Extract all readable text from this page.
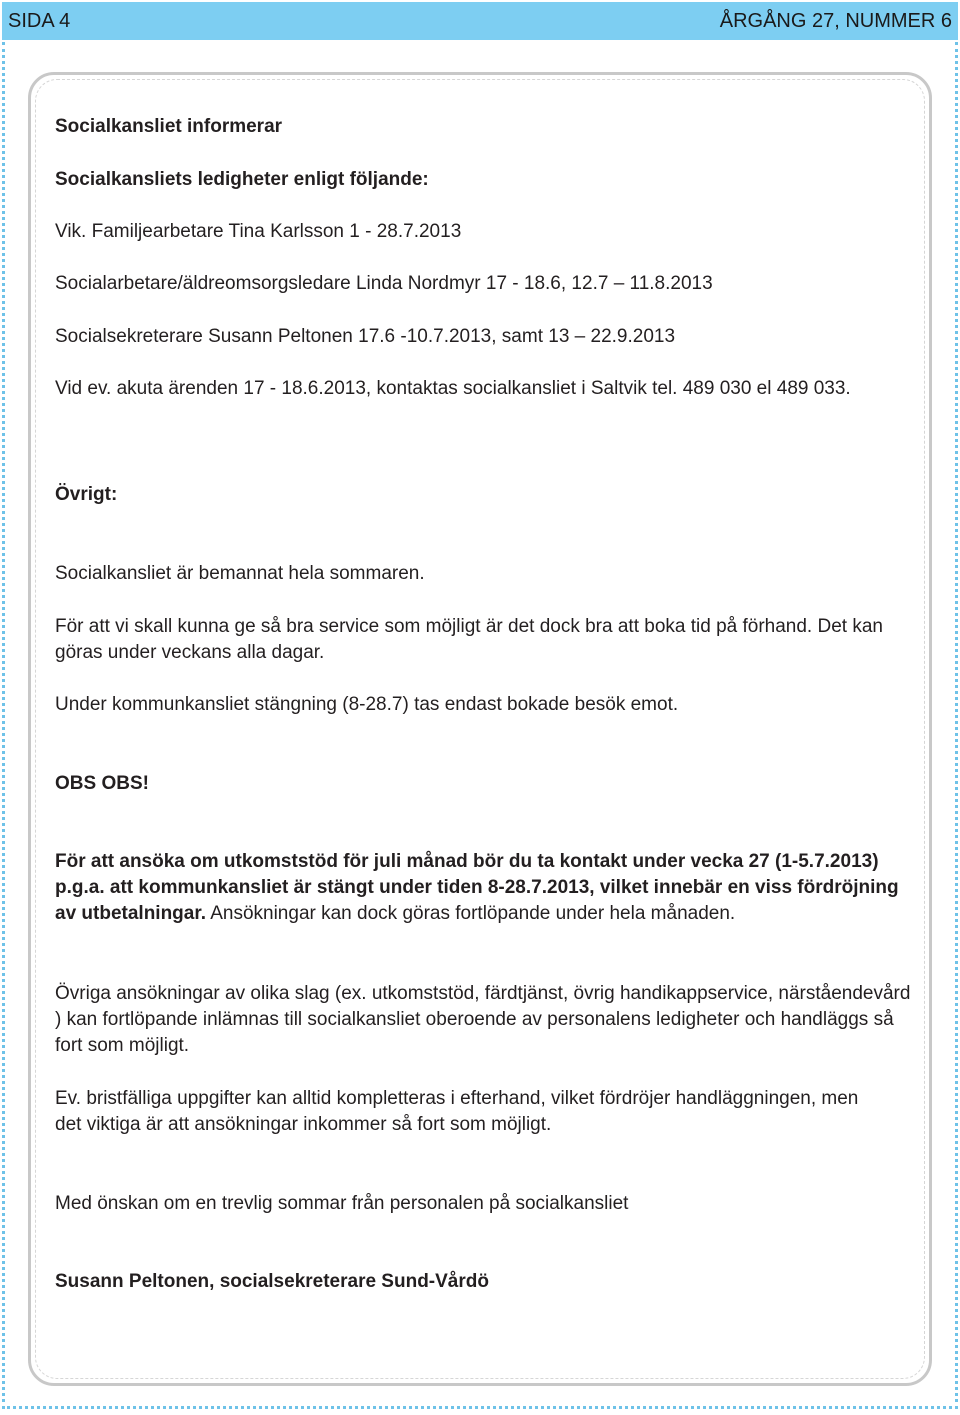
SIDA 4	ÅRGÅNG 27, NUMMER 6

Socialkansliet informerar

Socialkansliets ledigheter enligt följande:

Vik. Familjearbetare Tina Karlsson 1 - 28.7.2013

Socialarbetare/äldreomsorgsledare Linda Nordmyr 17 - 18.6, 12.7 – 11.8.2013

Socialsekreterare Susann Peltonen 17.6 -10.7.2013, samt 13 – 22.9.2013

Vid ev. akuta ärenden 17 - 18.6.2013, kontaktas socialkansliet i Saltvik tel. 489 030 el 489 033.

Övrigt:

Socialkansliet är bemannat hela sommaren.

För att vi skall kunna ge så bra service som möjligt är det dock bra att boka tid på förhand. Det kan göras under veckans alla dagar.

Under kommunkansliet stängning (8-28.7) tas endast bokade besök emot.

OBS OBS!

För att ansöka om utkomststöd för juli månad bör du ta kontakt under vecka 27 (1-5.7.2013) p.g.a. att kommunkansliet är stängt under tiden 8-28.7.2013, vilket innebär en viss fördröjning av utbetalningar. Ansökningar kan dock göras fortlöpande under hela månaden.

Övriga ansökningar av olika slag (ex. utkomststöd, färdtjänst, övrig handikappservice, närståendevård ) kan fortlöpande inlämnas till socialkansliet oberoende av personalens ledigheter och handläggs så fort som möjligt.

Ev. bristfälliga uppgifter kan alltid kompletteras i efterhand, vilket fördröjer handläggningen, men det viktiga är att ansökningar inkommer så fort som möjligt.

Med önskan om en trevlig sommar från personalen på socialkansliet

Susann Peltonen, socialsekreterare Sund-Vårdö
